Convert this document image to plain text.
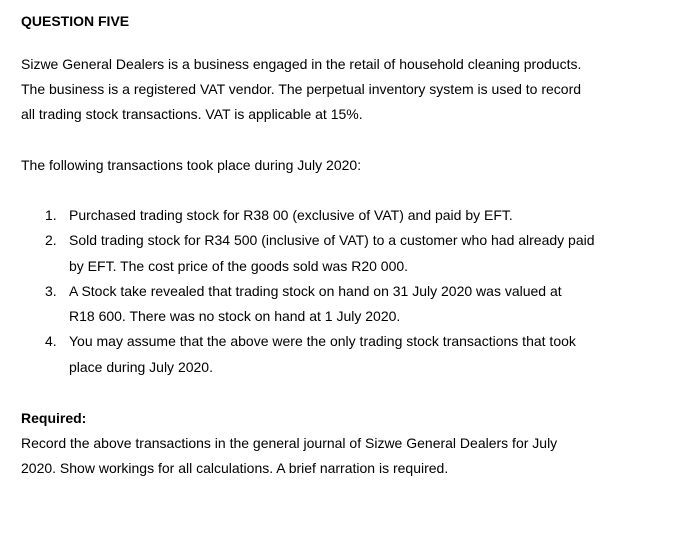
QUESTION FIVE
Sizwe General Dealers is a business engaged in the retail of household cleaning products.
The business is a registered VAT vendor. The perpetual inventory system is used to record
all trading stock transactions. VAT is applicable at 15%.
The following transactions took place during July 2020:
1. Purchased trading stock for R38 00 (exclusive of VAT) and paid by EFT.
2. Sold trading stock for R34 500 (inclusive of VAT) to a customer who had already paid
by EFT. The cost price of the goods sold was R20 000.
3. A Stock take revealed that trading stock on hand on 31 July 2020 was valued at
R18 600. There was no stock on hand at 1 July 2020.
4. You may assume that the above were the only trading stock transactions that took
place during July 2020.
Required:
Record the above transactions in the general journal of Sizwe General Dealers for July
2020. Show workings for all calculations. A brief narration is required.
